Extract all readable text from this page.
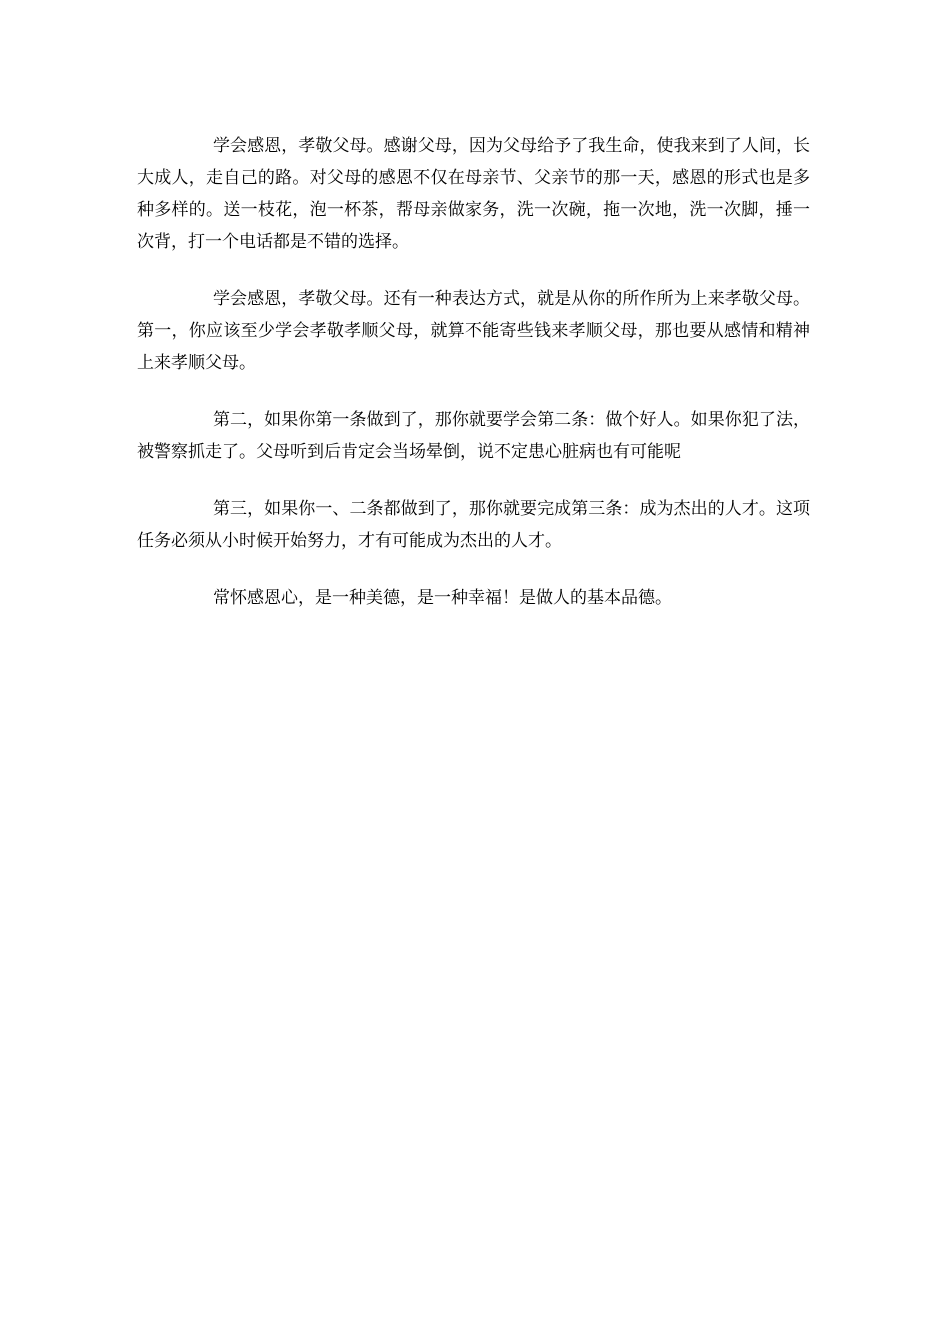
学会感恩，孝敬父母。感谢父母，因为父母给予了我生命，使我来到了人间，长大成人，走自己的路。对父母的感恩不仅在母亲节、父亲节的那一天，感恩的形式也是多种多样的。送一枝花，泡一杯茶，帮母亲做家务，洗一次碗，拖一次地，洗一次脚，捶一次背，打一个电话都是不错的选择。

学会感恩，孝敬父母。还有一种表达方式，就是从你的所作所为上来孝敬父母。第一，你应该至少学会孝敬孝顺父母，就算不能寄些钱来孝顺父母，那也要从感情和精神上来孝顺父母。

第二，如果你第一条做到了，那你就要学会第二条：做个好人。如果你犯了法，被警察抓走了。父母听到后肯定会当场晕倒，说不定患心脏病也有可能呢

第三，如果你一、二条都做到了，那你就要完成第三条：成为杰出的人才。这项任务必须从小时候开始努力，才有可能成为杰出的人才。

常怀感恩心，是一种美德，是一种幸福！是做人的基本品德。
